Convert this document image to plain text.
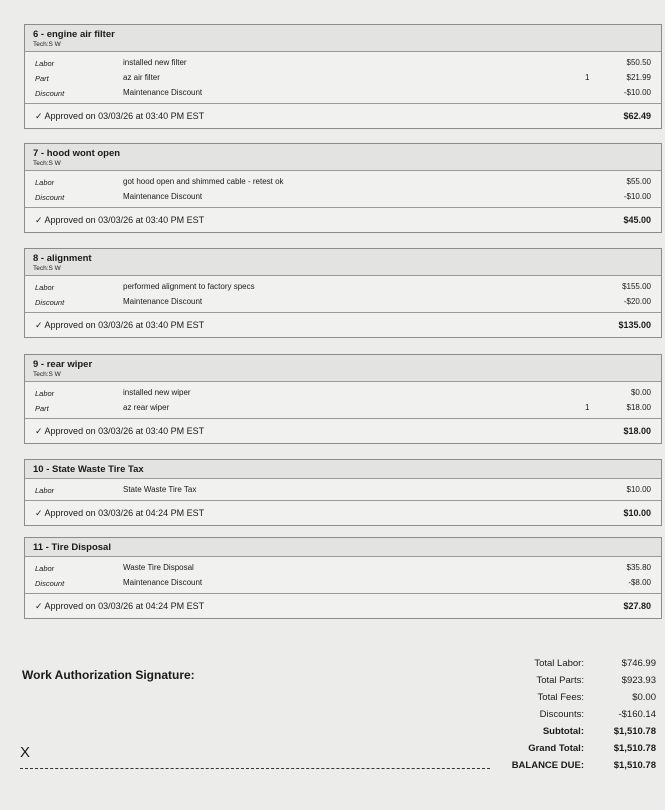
6 - engine air filter
Tech:S W
Labor	installed new filter	$50.50
Part	az air filter	1	$21.99
Discount	Maintenance Discount	-$10.00
✓ Approved on 03/03/26 at 03:40 PM EST	$62.49
7 - hood wont open
Tech:S W
Labor	got hood open and shimmed cable - retest ok	$55.00
Discount	Maintenance Discount	-$10.00
✓ Approved on 03/03/26 at 03:40 PM EST	$45.00
8 - alignment
Tech:S W
Labor	performed alignment to factory specs	$155.00
Discount	Maintenance Discount	-$20.00
✓ Approved on 03/03/26 at 03:40 PM EST	$135.00
9 - rear wiper
Tech:S W
Labor	installed new wiper	$0.00
Part	az rear wiper	1	$18.00
✓ Approved on 03/03/26 at 03:40 PM EST	$18.00
10 - State Waste Tire Tax
Labor	State Waste Tire Tax	$10.00
✓ Approved on 03/03/26 at 04:24 PM EST	$10.00
11 - Tire Disposal
Labor	Waste Tire Disposal	$35.80
Discount	Maintenance Discount	-$8.00
✓ Approved on 03/03/26 at 04:24 PM EST	$27.80
Work Authorization Signature:
X
Total Labor:	$746.99
Total Parts:	$923.93
Total Fees:	$0.00
Discounts:	-$160.14
Subtotal:	$1,510.78
Grand Total:	$1,510.78
BALANCE DUE:	$1,510.78
